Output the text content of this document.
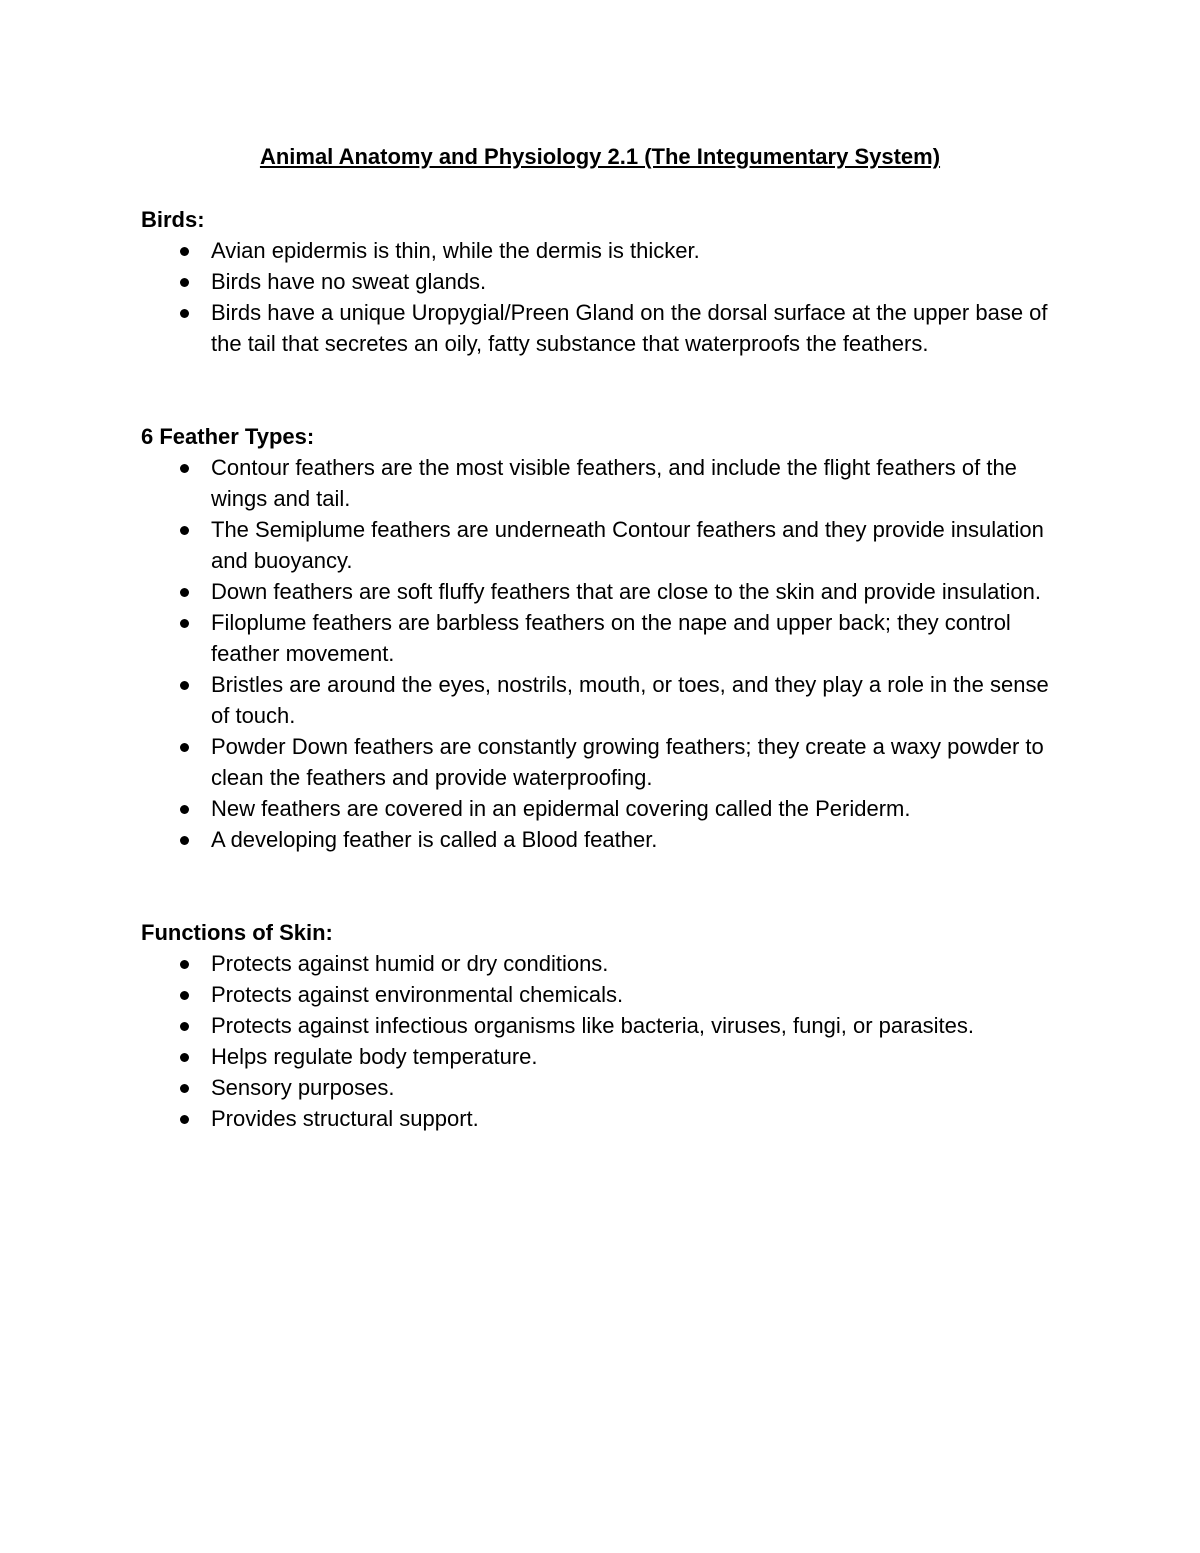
Animal Anatomy and Physiology 2.1 (The Integumentary System)
Birds:
Avian epidermis is thin, while the dermis is thicker.
Birds have no sweat glands.
Birds have a unique Uropygial/Preen Gland on the dorsal surface at the upper base of the tail that secretes an oily, fatty substance that waterproofs the feathers.
6 Feather Types:
Contour feathers are the most visible feathers, and include the flight feathers of the wings and tail.
The Semiplume feathers are underneath Contour feathers and they provide insulation and buoyancy.
Down feathers are soft fluffy feathers that are close to the skin and provide insulation.
Filoplume feathers are barbless feathers on the nape and upper back; they control feather movement.
Bristles are around the eyes, nostrils, mouth, or toes, and they play a role in the sense of touch.
Powder Down feathers are constantly growing feathers; they create a waxy powder to clean the feathers and provide waterproofing.
New feathers are covered in an epidermal covering called the Periderm.
A developing feather is called a Blood feather.
Functions of Skin:
Protects against humid or dry conditions.
Protects against environmental chemicals.
Protects against infectious organisms like bacteria, viruses, fungi, or parasites.
Helps regulate body temperature.
Sensory purposes.
Provides structural support.
